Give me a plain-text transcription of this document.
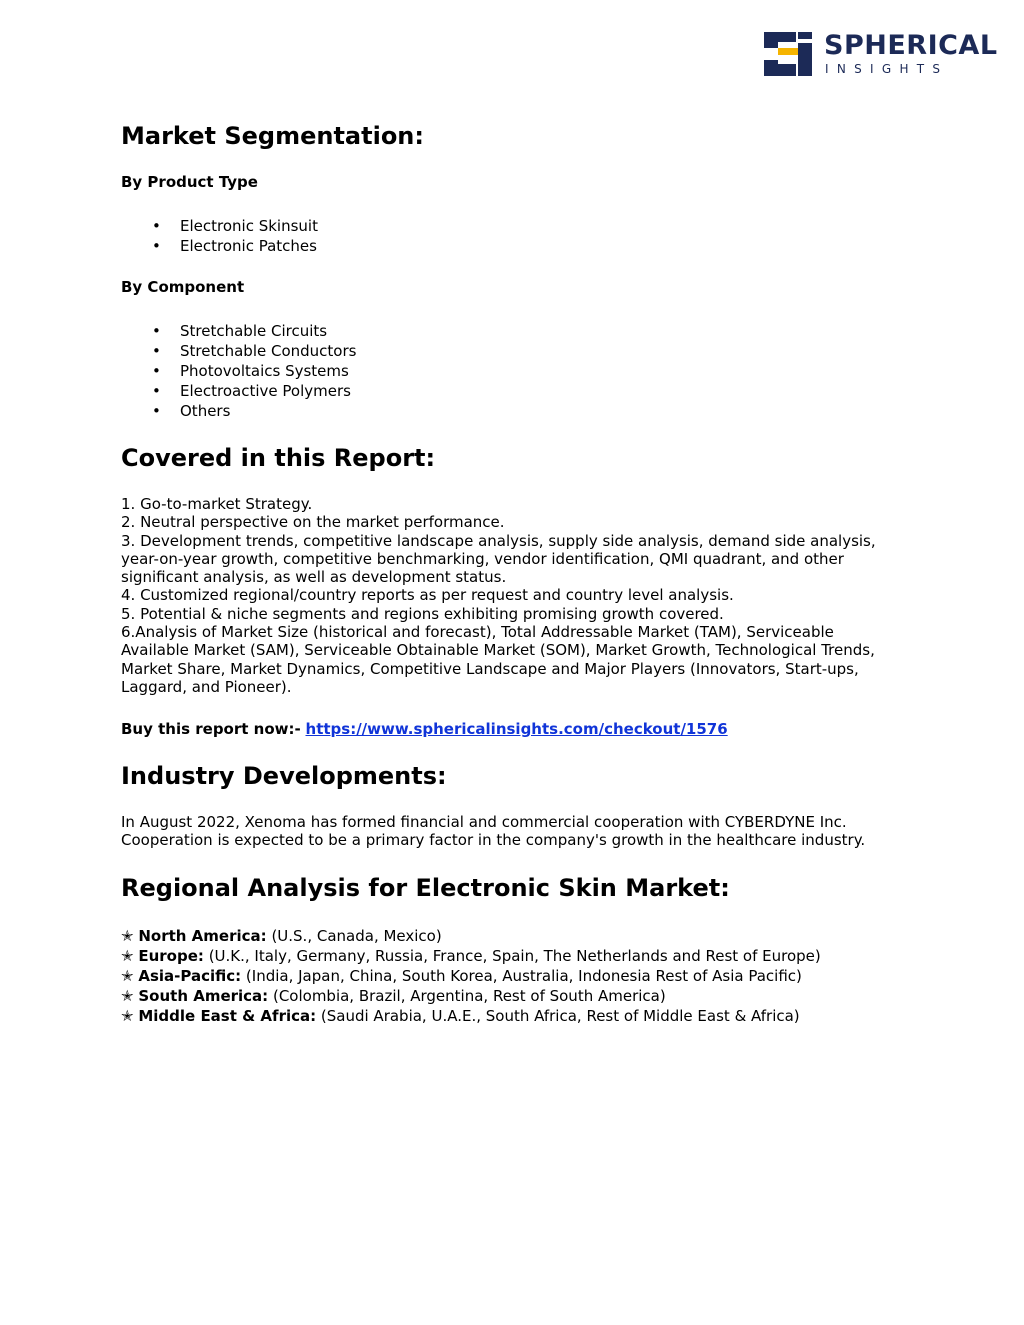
SPHERICAL
INSIGHTS
Market Segmentation:
By Product Type
• Electronic Skinsuit
• Electronic Patches
By Component
• Stretchable Circuits
• Stretchable Conductors
• Photovoltaics Systems
• Electroactive Polymers
• Others
Covered in this Report:

1. Go-to-market Strategy.

2. Neutral perspective on the market performance.

3. Development trends, competitive landscape analysis, supply side analysis, demand side analysis, year-on-year growth, competitive benchmarking, vendor identification, QMI quadrant, and other significant analysis, as well as development status.

4. Customized regional/country reports as per request and country level analysis.

5. Potential & niche segments and regions exhibiting promising growth covered.

6.Analysis of Market Size (historical and forecast), Total Addressable Market (TAM), Serviceable Available Market (SAM), Serviceable Obtainable Market (SOM), Market Growth, Technological Trends, Market Share, Market Dynamics, Competitive Landscape and Major Players (Innovators, Start-ups, Laggard, and Pioneer).

Buy this report now:- https://www.sphericalinsights.com/checkout/1576
Industry Developments:

In August 2022, Xenoma has formed financial and commercial cooperation with CYBERDYNE Inc. Cooperation is expected to be a primary factor in the company's growth in the healthcare industry.

Regional Analysis for Electronic Skin Market:
✭ North America: (U.S., Canada, Mexico)
✭ Europe: (U.K., Italy, Germany, Russia, France, Spain, The Netherlands and Rest of Europe)
✭ Asia-Pacific: (India, Japan, China, South Korea, Australia, Indonesia Rest of Asia Pacific)
✭ South America: (Colombia, Brazil, Argentina, Rest of South America)
✭ Middle East & Africa: (Saudi Arabia, U.A.E., South Africa, Rest of Middle East & Africa)
